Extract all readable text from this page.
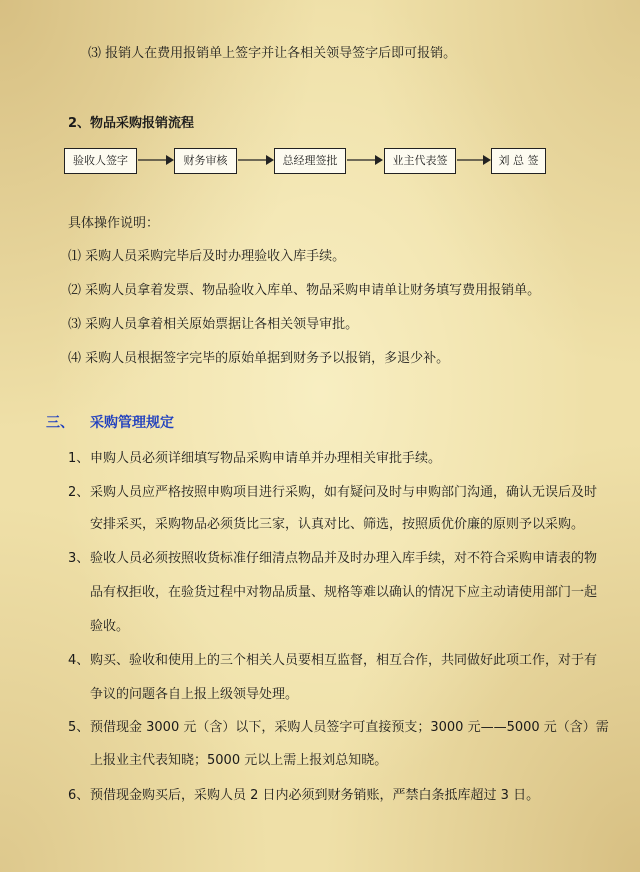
⑶ 报销人在费用报销单上签字并让各相关领导签字后即可报销。
2、物品采购报销流程
验收人签字	财务审核	总经理签批	业主代表签	刘 总 签
具体操作说明：
⑴ 采购人员采购完毕后及时办理验收入库手续。
⑵ 采购人员拿着发票、物品验收入库单、物品采购申请单让财务填写费用报销单。
⑶ 采购人员拿着相关原始票据让各相关领导审批。
⑷ 采购人员根据签字完毕的原始单据到财务予以报销，多退少补。
三、 采购管理规定
1、 申购人员必须详细填写物品采购申请单并办理相关审批手续。
2、 采购人员应严格按照申购项目进行采购，如有疑问及时与申购部门沟通，确认无误后及时
安排采买，采购物品必须货比三家，认真对比、筛选，按照质优价廉的原则予以采购。
3、 验收人员必须按照收货标准仔细清点物品并及时办理入库手续，对不符合采购申请表的物
品有权拒收，在验货过程中对物品质量、规格等难以确认的情况下应主动请使用部门一起
验收。
4、 购买、验收和使用上的三个相关人员要相互监督，相互合作，共同做好此项工作，对于有
争议的问题各自上报上级领导处理。
5、 预借现金 3000 元（含）以下，采购人员签字可直接预支；3000 元——5000 元（含）需
上报业主代表知晓；5000 元以上需上报刘总知晓。
6、 预借现金购买后，采购人员 2 日内必须到财务销账，严禁白条抵库超过 3 日。
